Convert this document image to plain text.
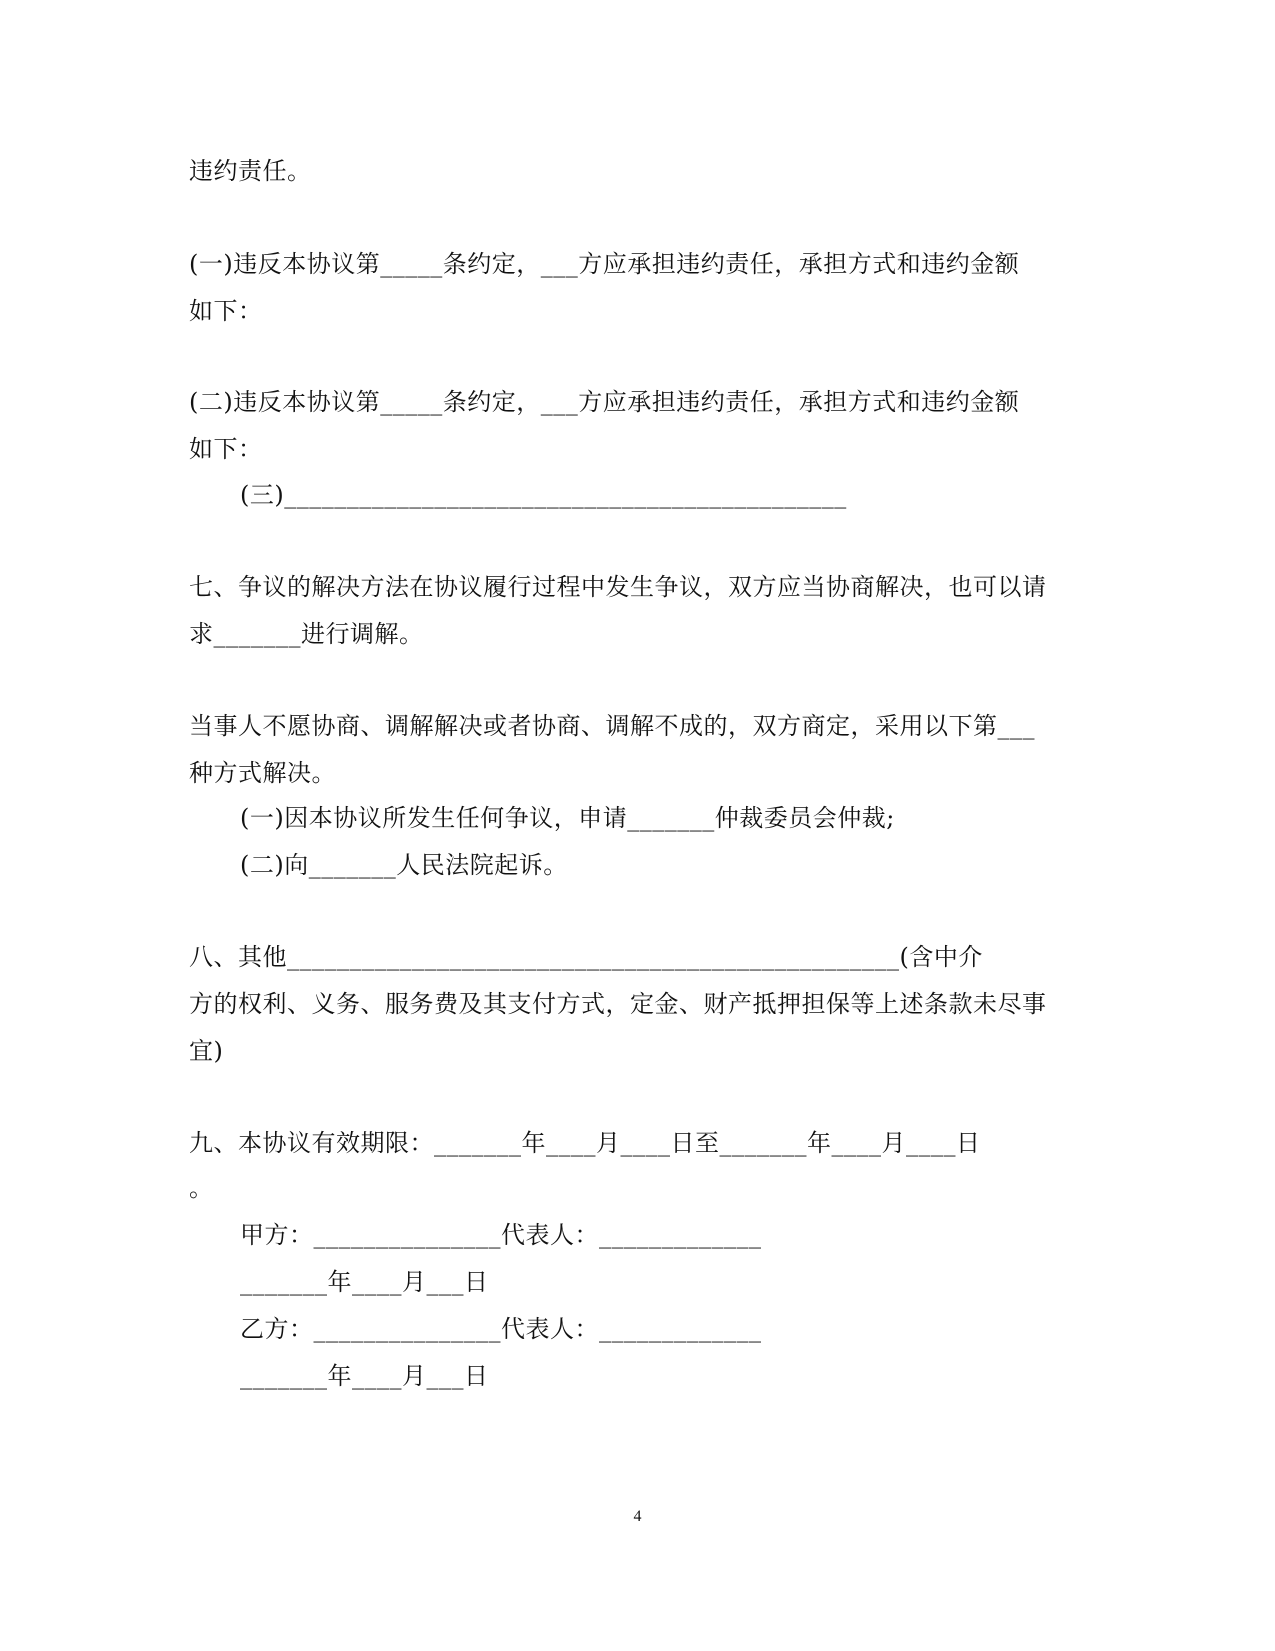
违约责任。
(一)违反本协议第_____条约定，___方应承担违约责任，承担方式和违约金额
如下：
(二)违反本协议第_____条约定，___方应承担违约责任，承担方式和违约金额
如下：
(三)_____________________________________________
七、争议的解决方法在协议履行过程中发生争议，双方应当协商解决，也可以请
求_______进行调解。
当事人不愿协商、调解解决或者协商、调解不成的，双方商定，采用以下第___
种方式解决。
(一)因本协议所发生任何争议，申请_______仲裁委员会仲裁;
(二)向_______人民法院起诉。
八、其他_________________________________________________(含中介
方的权利、义务、服务费及其支付方式，定金、财产抵押担保等上述条款未尽事
宜)
九、本协议有效期限：_______年____月____日至_______年____月____日
。
甲方：_______________代表人：_____________
_______年____月___日
乙方：_______________代表人：_____________
_______年____月___日
4
